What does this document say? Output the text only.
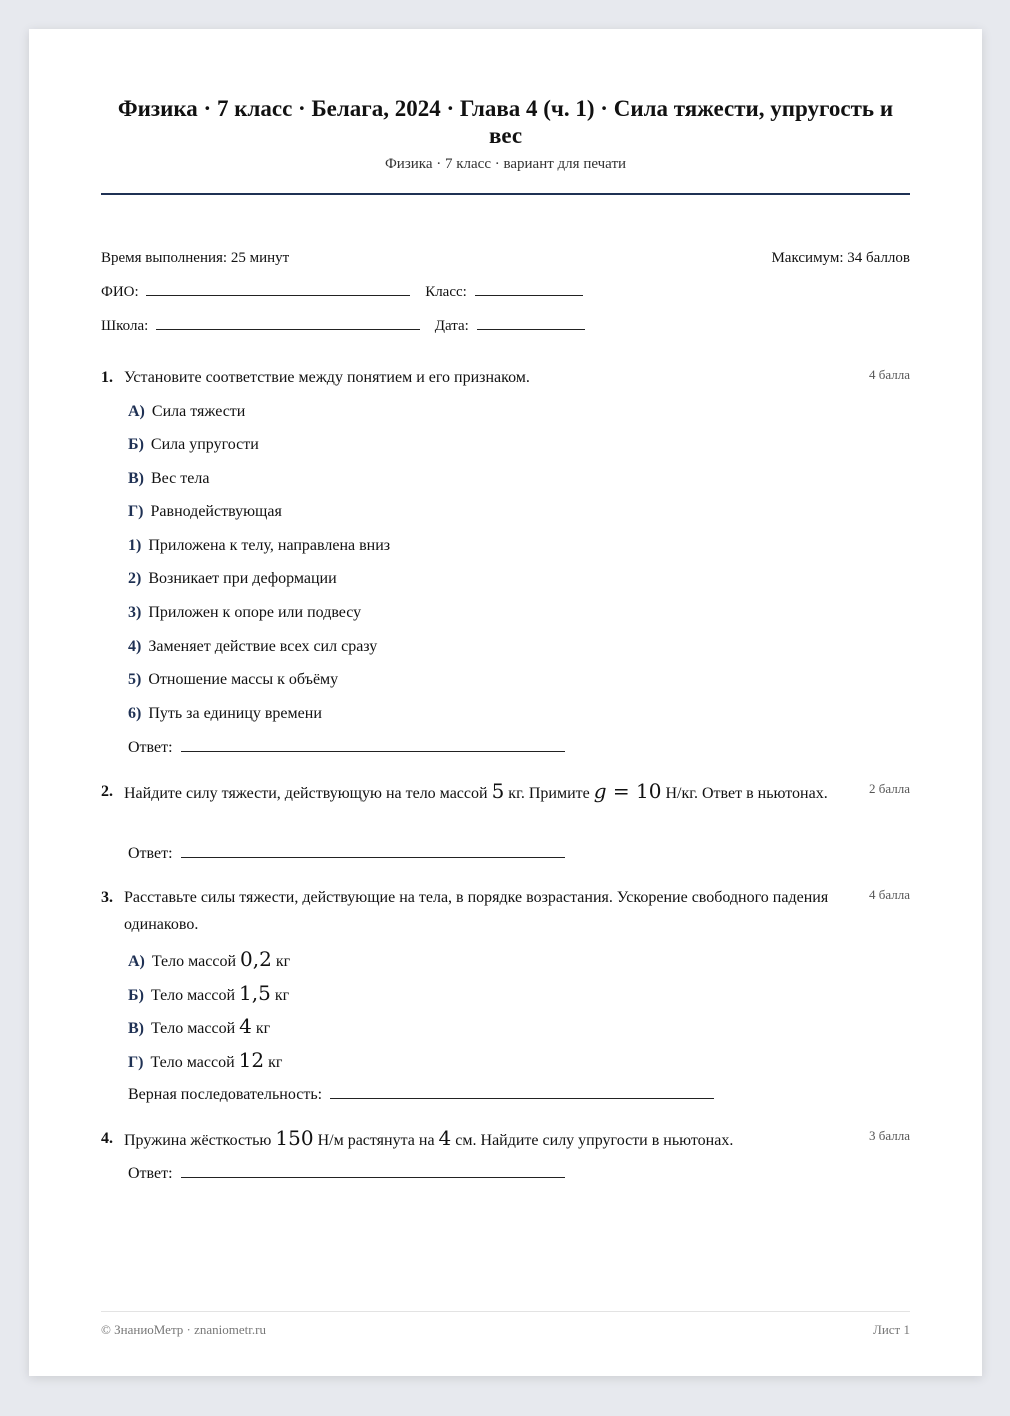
Физика · 7 класс · Белага, 2024 · Глава 4 (ч. 1) · Сила тяжести, упругость и вес
Физика · 7 класс · вариант для печати
Время выполнения: 25 минут	Максимум: 34 баллов
ФИО:	Класс:
Школа:	Дата:
1. Установите соответствие между понятием и его признаком.	4 балла
А) Сила тяжести
Б) Сила упругости
В) Вес тела
Г) Равнодействующая
1) Приложена к телу, направлена вниз
2) Возникает при деформации
3) Приложен к опоре или подвесу
4) Заменяет действие всех сил сразу
5) Отношение массы к объёму
6) Путь за единицу времени
Ответ:
2. Найдите силу тяжести, действующую на тело массой 5 кг. Примите g = 10 Н/кг. Ответ в ньютонах.	2 балла
Ответ:
3. Расставьте силы тяжести, действующие на тела, в порядке возрастания. Ускорение свободного падения одинаково.
4 балла
А) Тело массой 0,2 кг
Б) Тело массой 1,5 кг
В) Тело массой 4 кг
Г) Тело массой 12 кг
Верная последовательность:
4. Пружина жёсткостью 150 Н/м растянута на 4 см. Найдите силу упругости в ньютонах.	3 балла
Ответ:
© ЗнаниоМетр · znaniometr.ru	Лист 1
